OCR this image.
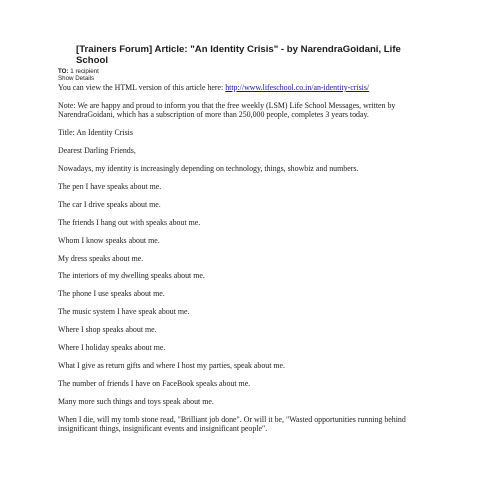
[Trainers Forum] Article: "An Identity Crisis" - by NarendraGoidani, Life School
TO: 1 recipient
Show Details

You can view the HTML version of this article here: http://www.lifeschool.co.in/an-identity-crisis/

Note: We are happy and proud to inform you that the free weekly (LSM) Life School Messages, written by NarendraGoidani, which has a subscription of more than 250,000 people, completes 3 years today.

Title: An Identity Crisis

Dearest Darling Friends,

Nowadays, my identity is increasingly depending on technology, things, showbiz and numbers.

The pen I have speaks about me.

The car I drive speaks about me.

The friends I hang out with speaks about me.

Whom I know speaks about me.

My dress speaks about me.

The interiors of my dwelling speaks about me.

The phone I use speaks about me.

The music system I have speak about me.

Where I shop speaks about me.

Where I holiday speaks about me.

What I give as return gifts and where I host my parties, speak about me.

The number of friends I have on FaceBook speaks about me.

Many more such things and toys speak about me.

When I die, will my tomb stone read, "Brilliant job done". Or will it be, "Wasted opportunities running behind insignificant things, insignificant events and insignificant people".
